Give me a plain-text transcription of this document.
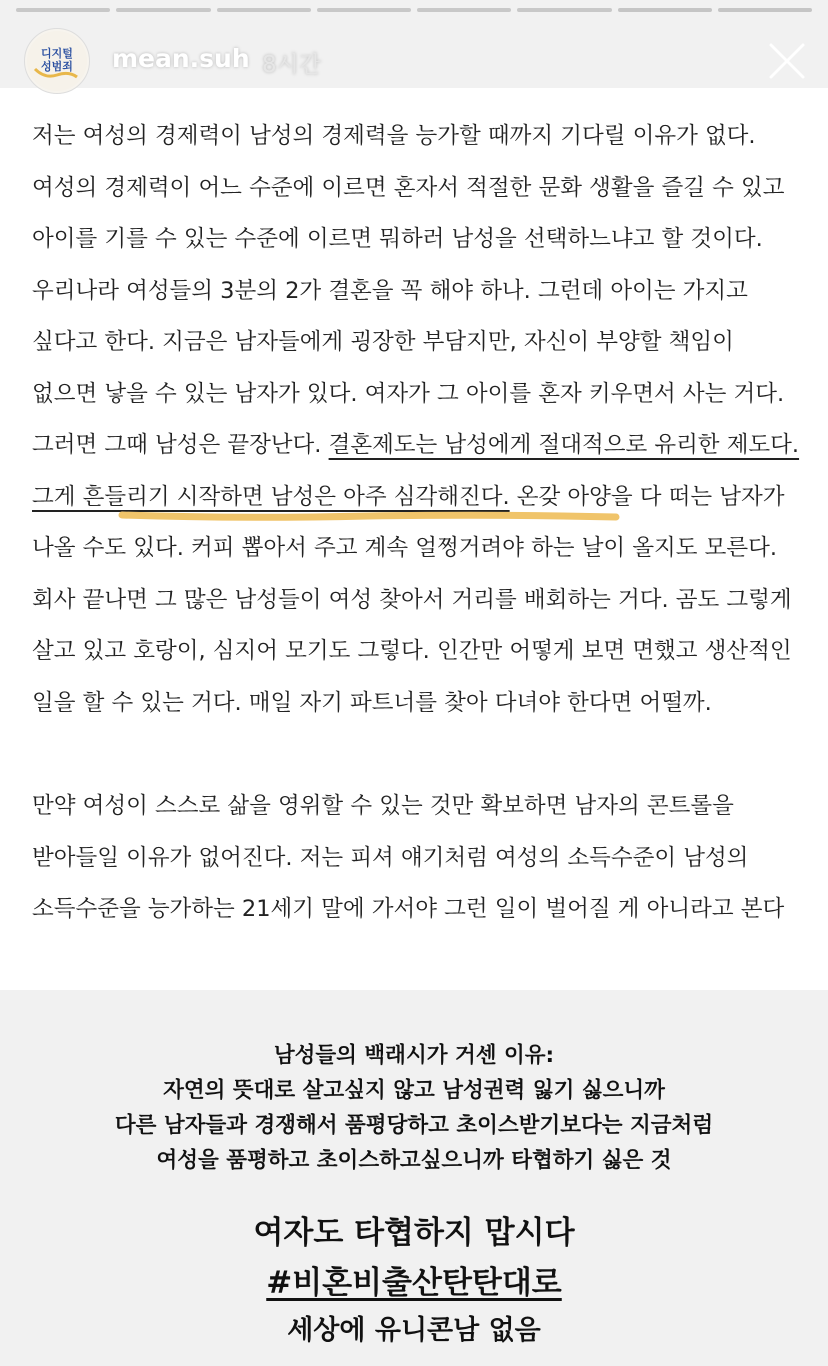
디지털
성범죄 mean.suh 8시간

저는 여성의 경제력이 남성의 경제력을 능가할 때까지 기다릴 이유가 없다. 여성의 경제력이 어느 수준에 이르면 혼자서 적절한 문화 생활을 즐길 수 있고 아이를 기를 수 있는 수준에 이르면 뭐하러 남성을 선택하느냐고 할 것이다. 우리나라 여성들의 3분의 2가 결혼을 꼭 해야 하나. 그런데 아이는 가지고 싶다고 한다. 지금은 남자들에게 굉장한 부담지만, 자신이 부양할 책임이 없으면 낳을 수 있는 남자가 있다. 여자가 그 아이를 혼자 키우면서 사는 거다. 그러면 그때 남성은 끝장난다. 결혼제도는 남성에게 절대적으로 유리한 제도다. 그게 흔들리기 시작하면 남성은 아주 심각해진다. 온갖 아양을 다 떠는 남자가 나올 수도 있다. 커피 뽑아서 주고 계속 얼쩡거려야 하는 날이 올지도 모른다. 회사 끝나면 그 많은 남성들이 여성 찾아서 거리를 배회하는 거다. 곰도 그렇게 살고 있고 호랑이, 심지어 모기도 그렇다. 인간만 어떻게 보면 면했고 생산적인 일을 할 수 있는 거다. 매일 자기 파트너를 찾아 다녀야 한다면 어떨까.

만약 여성이 스스로 삶을 영위할 수 있는 것만 확보하면 남자의 콘트롤을 받아들일 이유가 없어진다. 저는 피셔 얘기처럼 여성의 소득수준이 남성의 소득수준을 능가하는 21세기 말에 가서야 그런 일이 벌어질 게 아니라고 본다

남성들의 백래시가 거센 이유:
자연의 뜻대로 살고싶지 않고 남성권력 잃기 싫으니까
다른 남자들과 경쟁해서 품평당하고 초이스받기보다는 지금처럼
여성을 품평하고 초이스하고싶으니까 타협하기 싫은 것
여자도 타협하지 맙시다
#비혼비출산탄탄대로
세상에 유니콘남 없음
